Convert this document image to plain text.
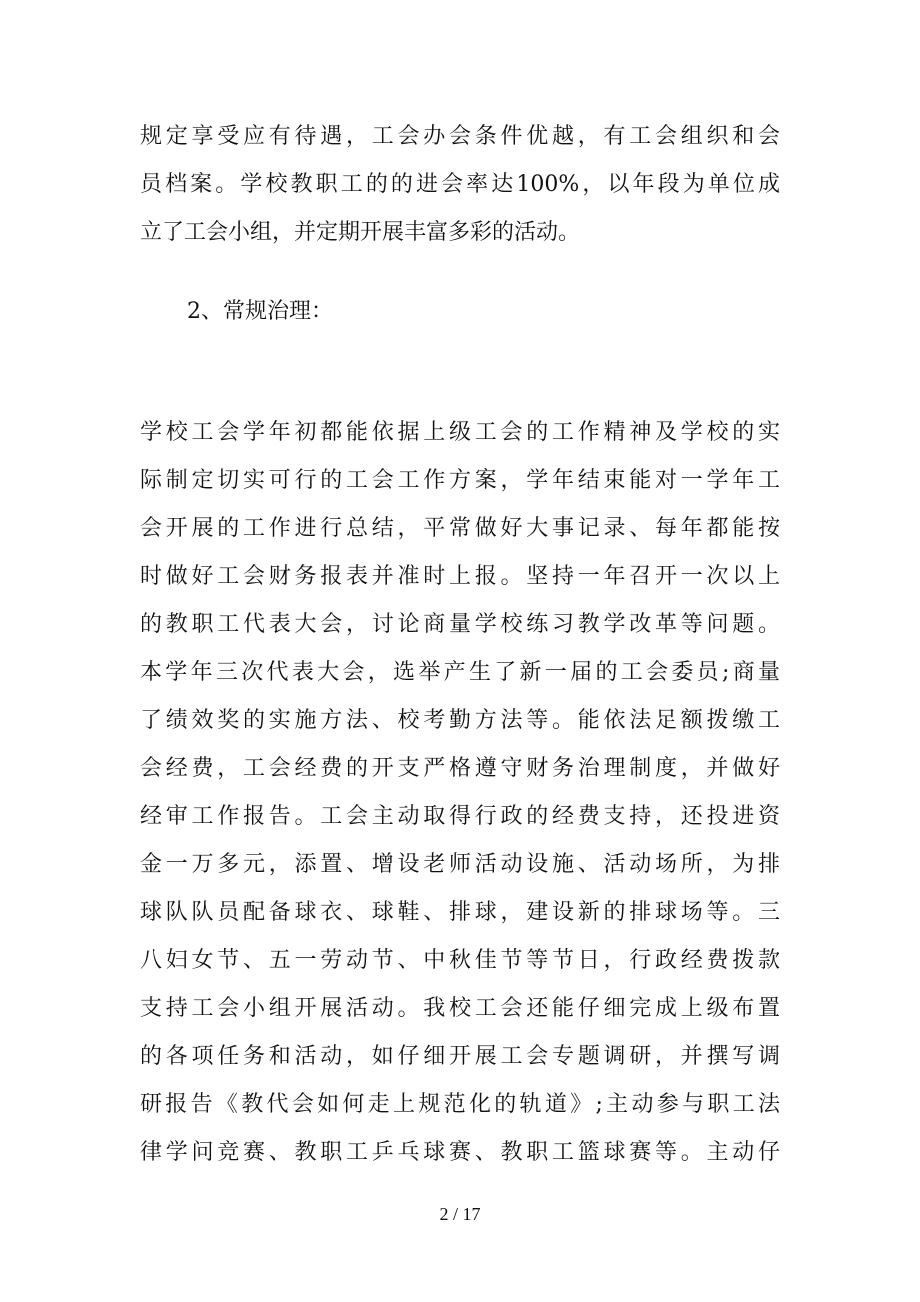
规定享受应有待遇，工会办会条件优越，有工会组织和会
员档案。学校教职工的的进会率达100%，以年段为单位成
立了工会小组，并定期开展丰富多彩的活动。
2、常规治理：
学校工会学年初都能依据上级工会的工作精神及学校的实
际制定切实可行的工会工作方案，学年结束能对一学年工
会开展的工作进行总结，平常做好大事记录、每年都能按
时做好工会财务报表并准时上报。坚持一年召开一次以上
的教职工代表大会，讨论商量学校练习教学改革等问题。
本学年三次代表大会，选举产生了新一届的工会委员;商量
了绩效奖的实施方法、校考勤方法等。能依法足额拨缴工
会经费，工会经费的开支严格遵守财务治理制度，并做好
经审工作报告。工会主动取得行政的经费支持，还投进资
金一万多元，添置、增设老师活动设施、活动场所，为排
球队队员配备球衣、球鞋、排球，建设新的排球场等。三
八妇女节、五一劳动节、中秋佳节等节日，行政经费拨款
支持工会小组开展活动。我校工会还能仔细完成上级布置
的各项任务和活动，如仔细开展工会专题调研，并撰写调
研报告《教代会如何走上规范化的轨道》;主动参与职工法
律学问竞赛、教职工乒乓球赛、教职工篮球赛等。主动仔
2 / 17
